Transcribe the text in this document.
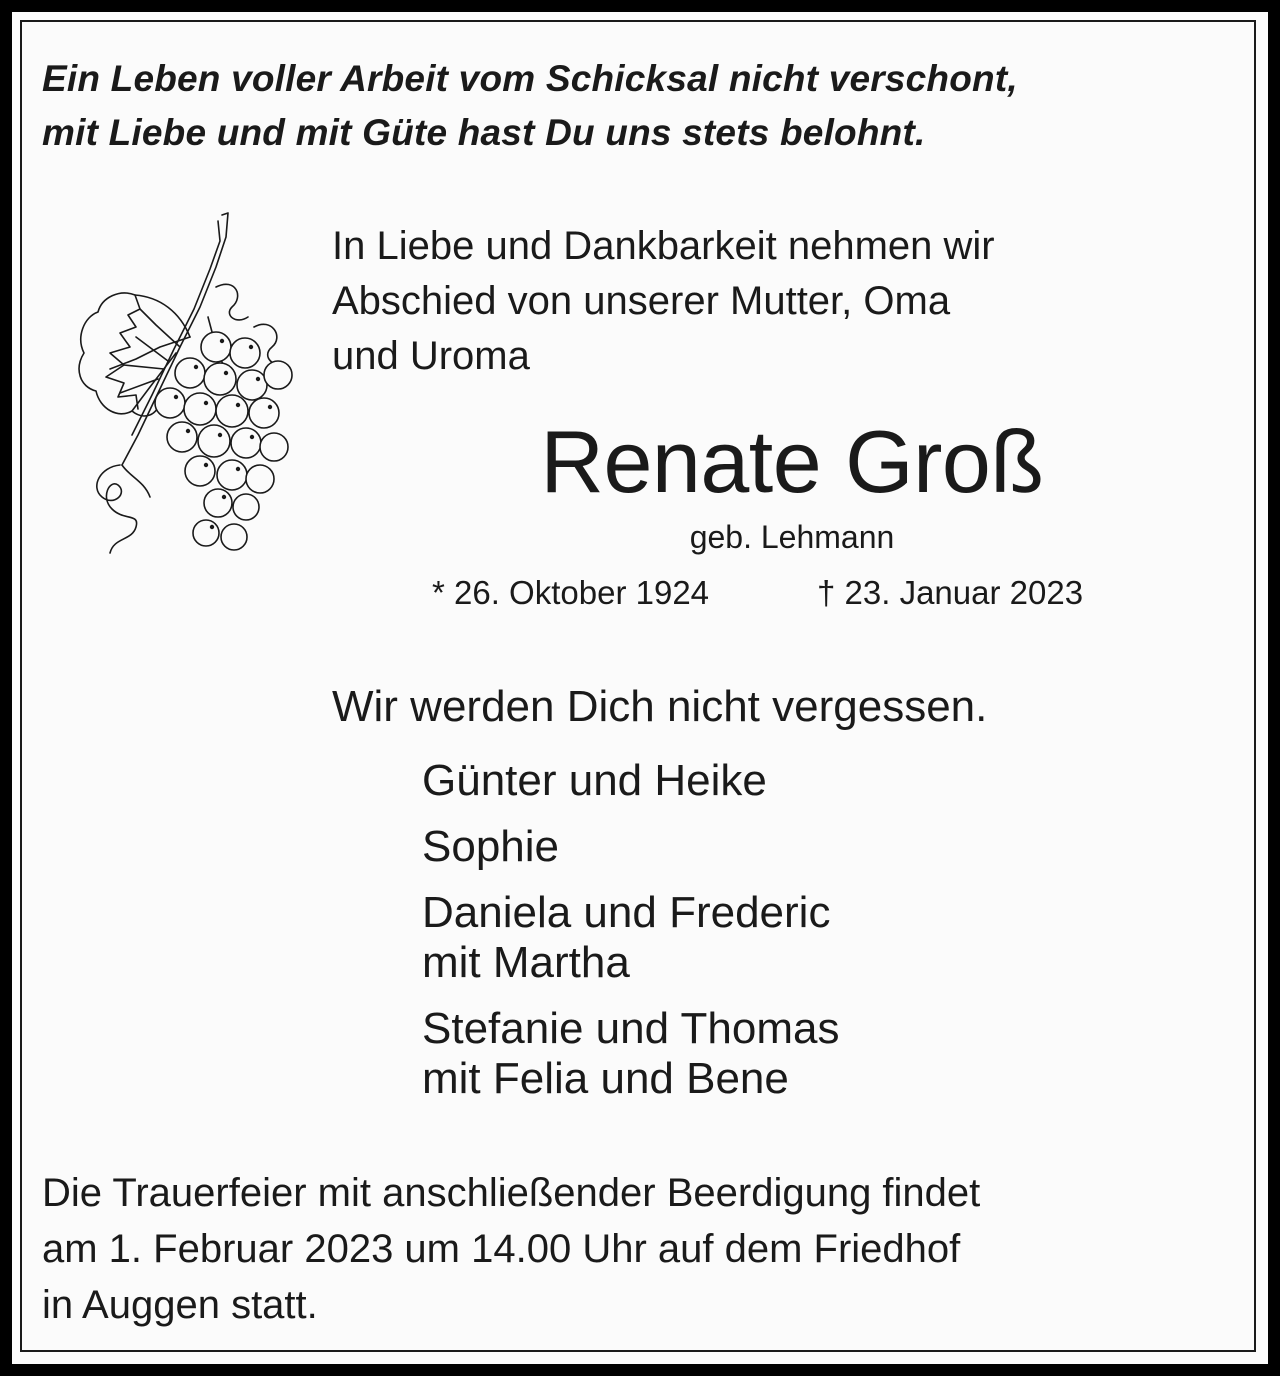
Ein Leben voller Arbeit vom Schicksal nicht verschont,
mit Liebe und mit Güte hast Du uns stets belohnt.
In Liebe und Dankbarkeit nehmen wir
Abschied von unserer Mutter, Oma
und Uroma
Renate Groß
geb. Lehmann
* 26. Oktober 1924	† 23. Januar 2023
Wir werden Dich nicht vergessen.
Günter und Heike
Sophie
Daniela und Frederic
mit Martha
Stefanie und Thomas
mit Felia und Bene
Die Trauerfeier mit anschließender Beerdigung findet
am 1. Februar 2023 um 14.00 Uhr auf dem Friedhof
in Auggen statt.
